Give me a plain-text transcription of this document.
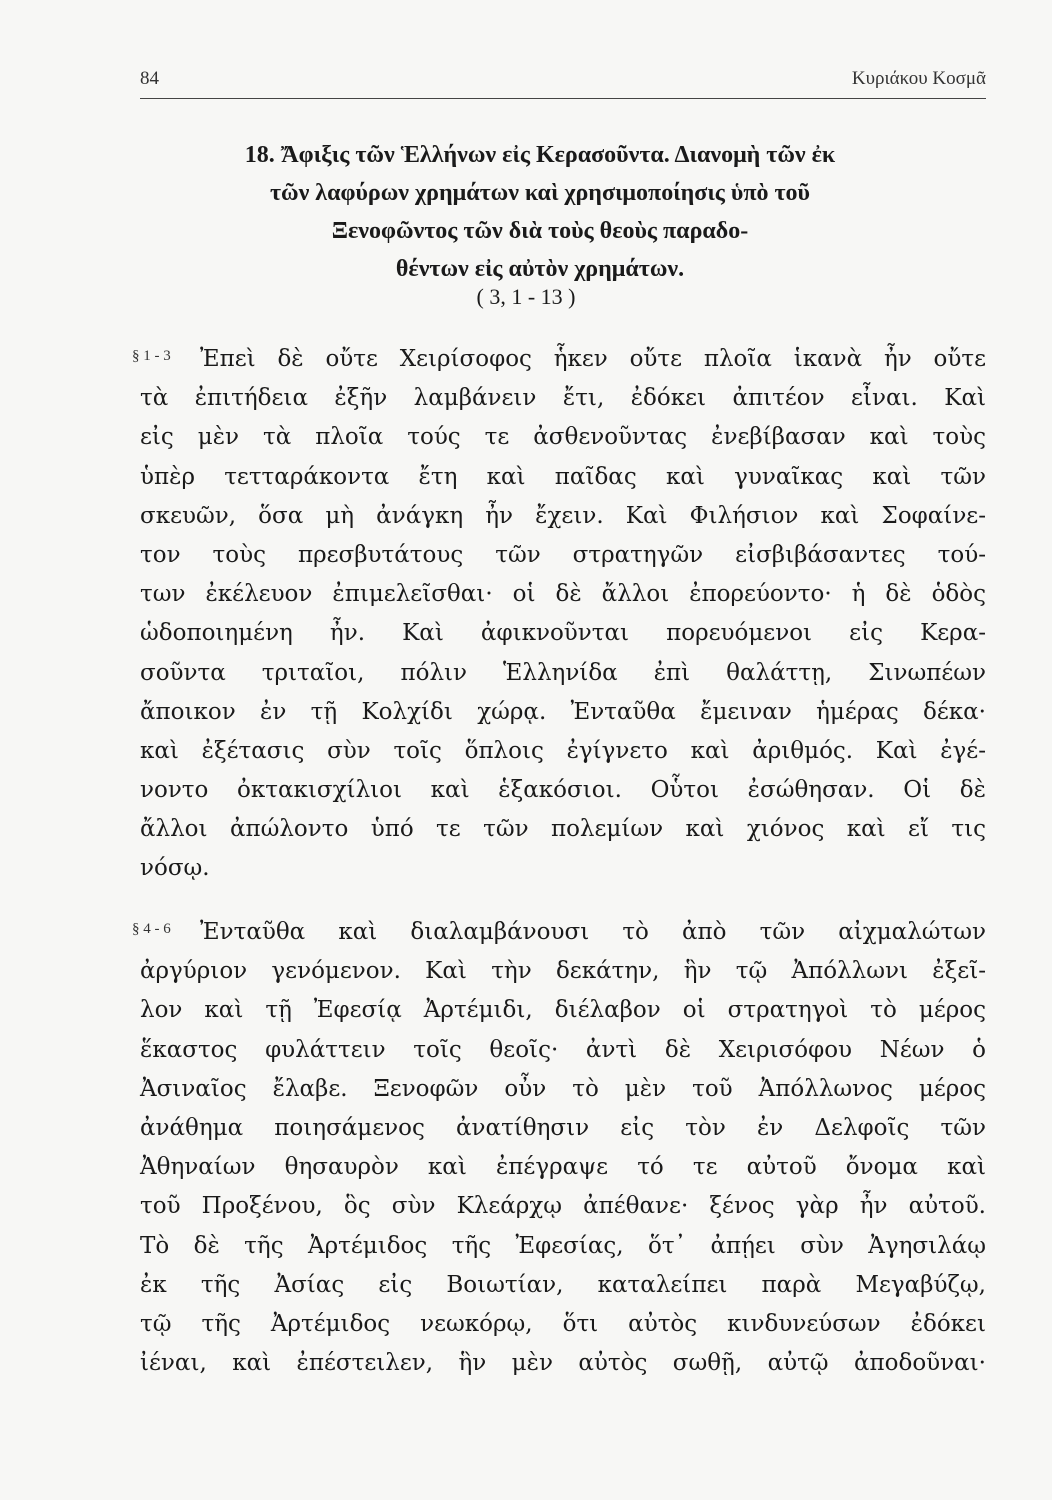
84	Κυριάκου Κοσμᾶ
18. Ἄφιξις τῶν Ἑλλήνων εἰς Κερασοῦντα. Διανομὴ τῶν ἐκ
τῶν λαφύρων χρημάτων καὶ χρησιμοποίησις ὑπὸ τοῦ
Ξενοφῶντος τῶν διὰ τοὺς θεοὺς παραδο-
θέντων εἰς αὐτὸν χρημάτων.
( 3, 1 - 13 )
§ 1 - 3	Ἐπεὶ δὲ οὔτε Χειρίσοφος ἧκεν οὔτε πλοῖα ἱκανὰ ἦν οὔτε
τὰ ἐπιτήδεια ἐξῆν λαμβάνειν ἔτι, ἐδόκει ἀπιτέον εἶναι. Καὶ
εἰς μὲν τὰ πλοῖα τούς τε ἀσθενοῦντας ἐνεβίβασαν καὶ τοὺς
ὑπὲρ τετταράκοντα ἔτη καὶ παῖδας καὶ γυναῖκας καὶ τῶν
σκευῶν, ὅσα μὴ ἀνάγκη ἦν ἔχειν. Καὶ Φιλήσιον καὶ Σοφαίνε-
τον τοὺς πρεσβυτάτους τῶν στρατηγῶν εἰσβιβάσαντες τού-
των ἐκέλευον ἐπιμελεῖσθαι· οἱ δὲ ἄλλοι ἐπορεύοντο· ἡ δὲ ὁδὸς
ὡδοποιημένη ἦν. Καὶ ἀφικνοῦνται πορευόμενοι εἰς Κερα-
σοῦντα τριταῖοι, πόλιν Ἑλληνίδα ἐπὶ θαλάττῃ, Σινωπέων
ἄποικον ἐν τῇ Κολχίδι χώρᾳ. Ἐνταῦθα ἔμειναν ἡμέρας δέκα·
καὶ ἐξέτασις σὺν τοῖς ὅπλοις ἐγίγνετο καὶ ἀριθμός. Καὶ ἐγέ-
νοντο ὀκτακισχίλιοι καὶ ἑξακόσιοι. Οὗτοι ἐσώθησαν. Οἱ δὲ
ἄλλοι ἀπώλοντο ὑπό τε τῶν πολεμίων καὶ χιόνος καὶ εἴ τις
νόσῳ.
§ 4 - 6	Ἐνταῦθα καὶ διαλαμβάνουσι τὸ ἀπὸ τῶν αἰχμαλώτων
ἀργύριον γενόμενον. Καὶ τὴν δεκάτην, ἣν τῷ Ἀπόλλωνι ἐξεῖ-
λον καὶ τῇ Ἐφεσίᾳ Ἀρτέμιδι, διέλαβον οἱ στρατηγοὶ τὸ μέρος
ἕκαστος φυλάττειν τοῖς θεοῖς· ἀντὶ δὲ Χειρισόφου Νέων ὁ
Ἀσιναῖος ἔλαβε. Ξενοφῶν οὖν τὸ μὲν τοῦ Ἀπόλλωνος μέρος
ἀνάθημα ποιησάμενος ἀνατίθησιν εἰς τὸν ἐν Δελφοῖς τῶν
Ἀθηναίων θησαυρὸν καὶ ἐπέγραψε τό τε αὐτοῦ ὄνομα καὶ
τοῦ Προξένου, ὃς σὺν Κλεάρχῳ ἀπέθανε· ξένος γὰρ ἦν αὐτοῦ.
Τὸ δὲ τῆς Ἀρτέμιδος τῆς Ἐφεσίας, ὅτ᾽ ἀπῄει σὺν Ἀγησιλάῳ
ἐκ τῆς Ἀσίας εἰς Βοιωτίαν, καταλείπει παρὰ Μεγαβύζῳ,
τῷ τῆς Ἀρτέμιδος νεωκόρῳ, ὅτι αὐτὸς κινδυνεύσων ἐδόκει
ἰέναι, καὶ ἐπέστειλεν, ἣν μὲν αὐτὸς σωθῇ, αὐτῷ ἀποδοῦναι·
